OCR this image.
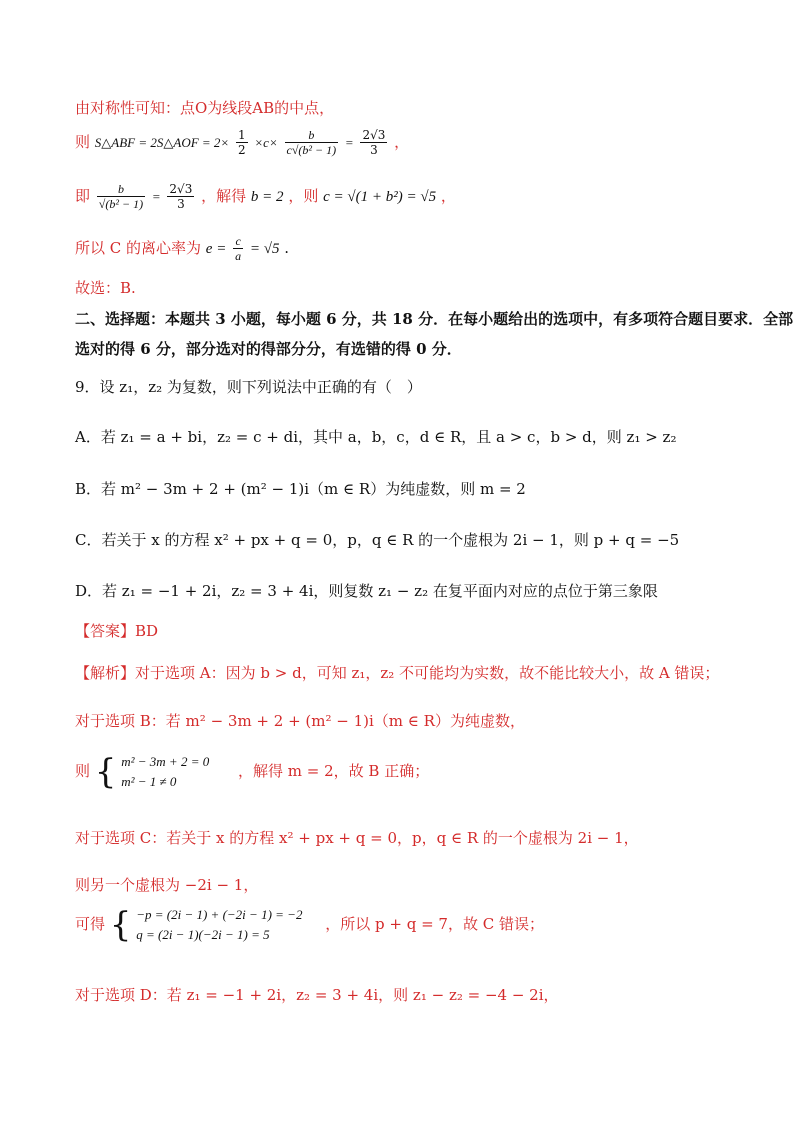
由对称性可知：点O为线段AB的中点，
则 S△ABF = 2S△AOF = $2\times \frac{1}{2} \times c\times \frac{b}{\text{c√(b² − 1)}} = \frac{2√3}{3}$ ，
即 $\frac{b}{\text{√(b² − 1)}} = \frac{2√3}{3}$ ，解得 b = 2 ，则 c = √(1 + b²) = √5 ，
所以 C 的离心率为 $e = \frac{c}{a} = √5$ .
故选：B.
二、选择题：本题共 3 小题，每小题 6 分，共 18 分．在每小题给出的选项中，有多项符合题目要求．全部
选对的得 6 分，部分选对的得部分分，有选错的得 0 分．
9．设 z₁，z₂ 为复数，则下列说法中正确的有（　）
A．若 z₁ = a + bi，z₂ = c + di，其中 a，b，c，d ∈ R，且 a > c，b > d，则 z₁ > z₂
B．若 m² − 3m + 2 + (m² − 1)i（m ∈ R）为纯虚数，则 m = 2
C．若关于 x 的方程 x² + px + q = 0，p，q ∈ R 的一个虚根为 2i − 1，则 p + q = −5
D．若 z₁ = −1 + 2i，z₂ = 3 + 4i，则复数 z₁ − z₂ 在复平面内对应的点位于第三象限
【答案】BD
【解析】对于选项 A：因为 b > d，可知 z₁，z₂ 不可能均为实数，故不能比较大小，故 A 错误；
对于选项 B：若 m² − 3m + 2 + (m² − 1)i（m ∈ R）为纯虚数，
则 { m² − 3m + 2 = 0
m² − 1 ≠ 0
，解得 m = 2，故 B 正确；
对于选项 C：若关于 x 的方程 x² + px + q = 0，p，q ∈ R 的一个虚根为 2i − 1，
则另一个虚根为 −2i − 1，
可得 { −p = (2i − 1) + (−2i − 1) = −2
q = (2i − 1)(−2i − 1) = 5
，所以 p + q = 7，故 C 错误；
对于选项 D：若 z₁ = −1 + 2i，z₂ = 3 + 4i，则 z₁ − z₂ = −4 − 2i，
